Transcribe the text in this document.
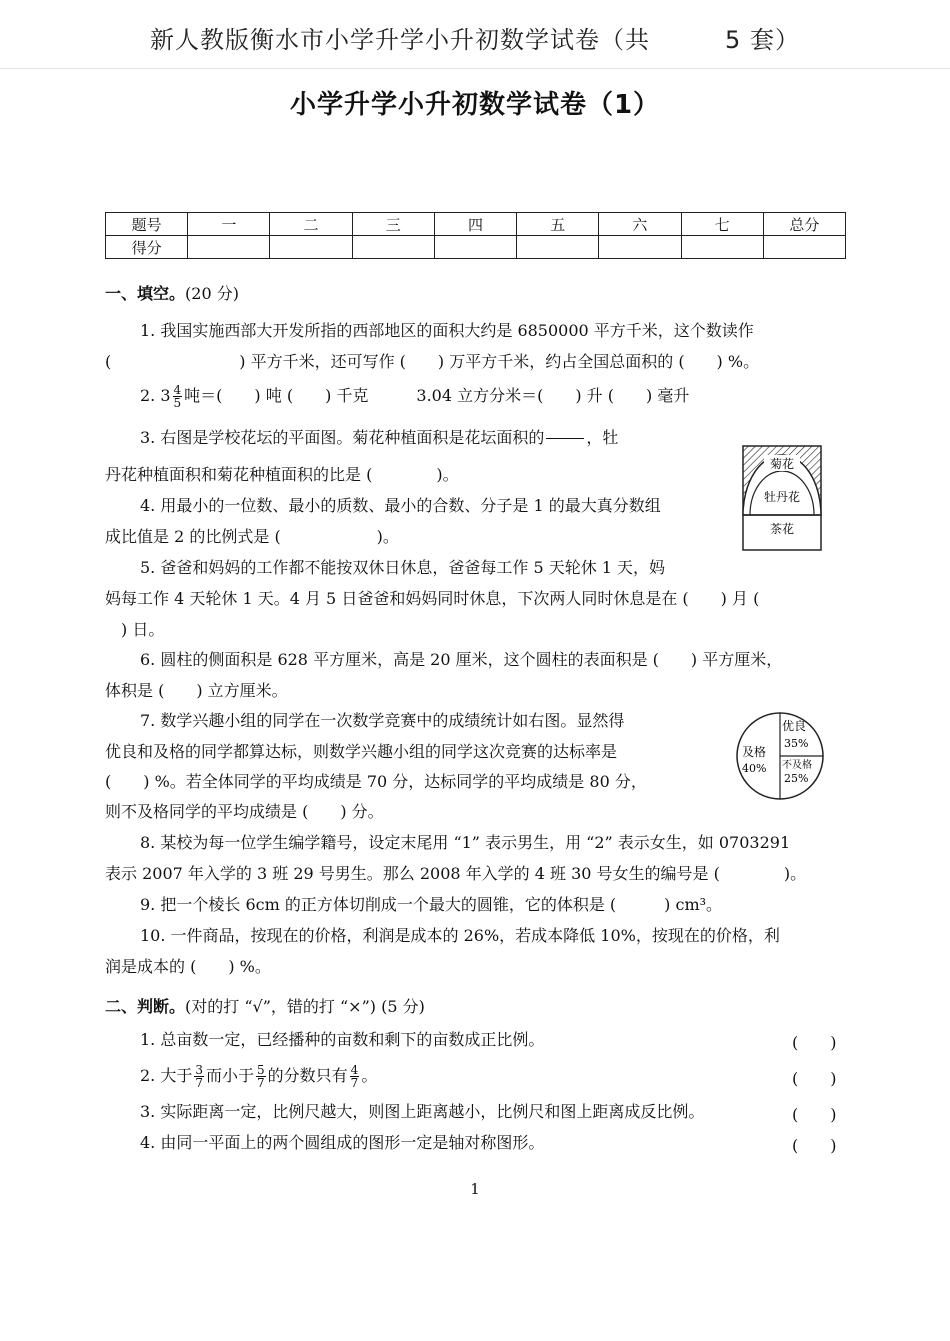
新人教版衡水市小学升学小升初数学试卷（共　　　5 套）
小学升学小升初数学试卷（1）
题号	一	二	三	四	五	六	七	总分
得分								
一、填空。(20 分)
1. 我国实施西部大开发所指的西部地区的面积大约是 6850000 平方千米，这个数读作
(　　　　　　　　) 平方千米，还可写作 (　　) 万平方千米，约占全国总面积的 (　　) %。
2. $3 \frac{4}{5}$ 吨＝(　　) 吨 (　　) 千克　　　3.04 立方分米＝(　　) 升 (　　) 毫升
3. 右图是学校花坛的平面图。菊花种植面积是花坛面积的	，牡
丹花种植面积和菊花种植面积的比是 (　　　　)。
4. 用最小的一位数、最小的质数、最小的合数、分子是 1 的最大真分数组
成比值是 2 的比例式是 (　　　　　　)。
5. 爸爸和妈妈的工作都不能按双休日休息，爸爸每工作 5 天轮休 1 天，妈
妈每工作 4 天轮休 1 天。4 月 5 日爸爸和妈妈同时休息，下次两人同时休息是在 (　　) 月 (
　) 日。
6. 圆柱的侧面积是 628 平方厘米，高是 20 厘米，这个圆柱的表面积是 (　　) 平方厘米，
体积是 (　　) 立方厘米。
7. 数学兴趣小组的同学在一次数学竞赛中的成绩统计如右图。显然得
优良和及格的同学都算达标，则数学兴趣小组的同学这次竞赛的达标率是
(　　) %。若全体同学的平均成绩是 70 分，达标同学的平均成绩是 80 分，
则不及格同学的平均成绩是 (　　) 分。
8. 某校为每一位学生编学籍号，设定末尾用 “1” 表示男生，用 “2” 表示女生，如 0703291
表示 2007 年入学的 3 班 29 号男生。那么 2008 年入学的 4 班 30 号女生的编号是 (　　　　)。
9. 把一个棱长 6cm 的正方体切削成一个最大的圆锥，它的体积是 (　　　) cm³。
10. 一件商品，按现在的价格，利润是成本的 26%，若成本降低 10%，按现在的价格，利
润是成本的 (　　) %。
菊花
牡丹花
茶花
优良
35%
及格
40% 不及格
25%
二、判断。(对的打 “√”，错的打 “×”) (5 分)
1. 总亩数一定，已经播种的亩数和剩下的亩数成正比例。	(　　)
2. 大于 $\frac{3}{7}$ 而小于 $\frac{5}{7}$ 的分数只有 $\frac{4}{7}$ 。	(　　)
3. 实际距离一定，比例尺越大，则图上距离越小，比例尺和图上距离成反比例。	(　　)
4. 由同一平面上的两个圆组成的图形一定是轴对称图形。	(　　)
1
